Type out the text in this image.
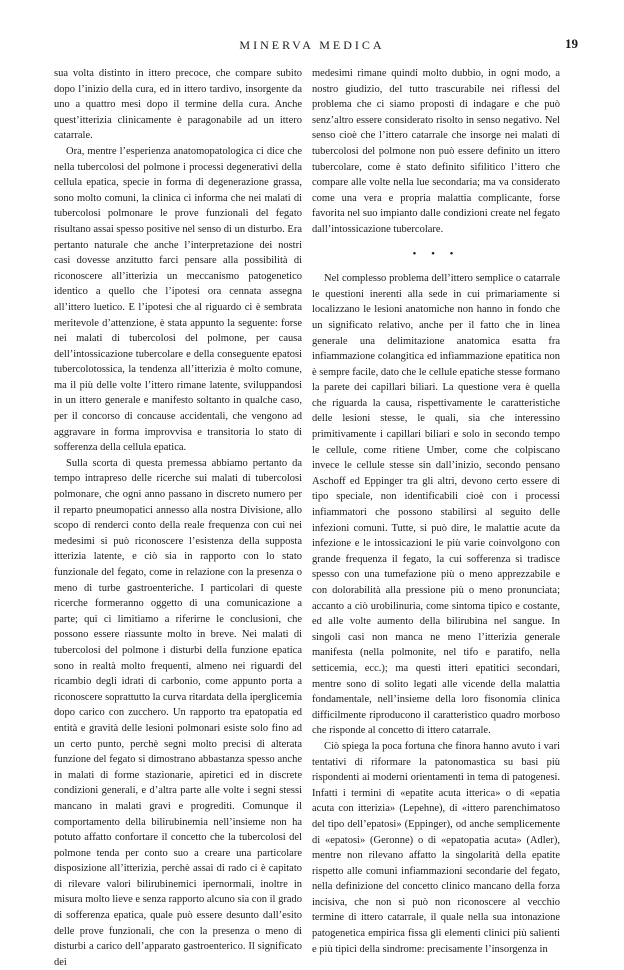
MINERVA MEDICA	19

sua volta distinto in ittero precoce, che compare subito dopo l’inizio della cura, ed in ittero tardivo, insorgente da uno a quattro mesi dopo il termine della cura. Anche quest’itterizia clinicamente è paragonabile ad un ittero catarrale.

Ora, mentre l’esperienza anatomopatologica ci dice che nella tubercolosi del polmone i processi degenerativi della cellula epatica, specie in forma di degenerazione grassa, sono molto comuni, la clinica ci informa che nei malati di tubercolosi polmonare le prove funzionali del fegato risultano assai spesso positive nel senso di un disturbo. Era pertanto naturale che anche l’interpretazione dei nostri casi dovesse anzitutto farci pensare alla possibilità di riconoscere all’itterizia un meccanismo patogenetico identico a quello che l’ipotesi ora cennata assegna all’ittero luetico. E l’ipotesi che al riguardo ci è sembrata meritevole d’attenzione, è stata appunto la seguente: forse nei malati di tubercolosi del polmone, per causa dell’intossicazione tubercolare e della conseguente epatosi tubercolotossica, la tendenza all’itterizia è molto comune, ma il più delle volte l’ittero rimane latente, sviluppandosi in un ittero generale e manifesto soltanto in qualche caso, per il concorso di concause accidentali, che vengono ad aggravare in forma improvvisa e transitoria lo stato di sofferenza della cellula epatica.

Sulla scorta di questa premessa abbiamo pertanto da tempo intrapreso delle ricerche sui malati di tubercolosi polmonare, che ogni anno passano in discreto numero per il reparto pneumopatici annesso alla nostra Divisione, allo scopo di renderci conto della reale frequenza con cui nei medesimi si può riconoscere l’esistenza della supposta itterizia latente, e ciò sia in rapporto con lo stato funzionale del fegato, come in relazione con la presenza o meno di turbe gastroenteriche. I particolari di queste ricerche formeranno oggetto di una comunicazione a parte; qui ci limitiamo a riferirne le conclusioni, che possono essere riassunte molto in breve. Nei malati di tubercolosi del polmone i disturbi della funzione epatica sono in realtà molto frequenti, almeno nei riguardi del ricambio degli idrati di carbonio, come appunto porta a riconoscere soprattutto la curva ritardata della iperglicemia dopo carico con zucchero. Un rapporto tra epatopatia ed entità e gravità delle lesioni polmonari esiste solo fino ad un certo punto, perchè segni molto precisi di alterata funzione del fegato si dimostrano abbastanza spesso anche in malati di forme stazionarie, apiretici ed in discrete condizioni generali, e d’altra parte alle volte i segni stessi mancano in malati gravi e progrediti. Comunque il comportamento della bilirubinemia nell’insieme non ha potuto affatto confortare il concetto che la tubercolosi del polmone tenda per conto suo a creare una particolare disposizione all’itterizia, perchè assai di rado ci è capitato di rilevare valori bilirubinemici ipernormali, inoltre in misura molto lieve e senza rapporto alcuno sia con il grado di sofferenza epatica, quale può essere desunto dall’esito delle prove funzionali, che con la presenza o meno di disturbi a carico dell’apparato gastroenterico. Il significato dei

medesimi rimane quindi molto dubbio, in ogni modo, a nostro giudizio, del tutto trascurabile nei riflessi del problema che ci siamo proposti di indagare e che può senz’altro essere considerato risolto in senso negativo. Nel senso cioè che l’ittero catarrale che insorge nei malati di tubercolosi del polmone non può essere definito un ittero tubercolare, come è stato definito sifilitico l’ittero che compare alle volte nella lue secondaria; ma va considerato come una vera e propria malattia complicante, forse favorita nel suo impianto dalle condizioni create nel fegato dall’intossicazione tubercolare.

• • •

Nel complesso problema dell’ittero semplice o catarrale le questioni inerenti alla sede in cui primariamente si localizzano le lesioni anatomiche non hanno in fondo che un significato relativo, anche per il fatto che in linea generale una delimitazione anatomica esatta fra infiammazione colangitica ed infiammazione epatitica non è sempre facile, dato che le cellule epatiche stesse formano la parete dei capillari biliari. La questione vera è quella che riguarda la causa, rispettivamente le caratteristiche delle lesioni stesse, le quali, sia che interessino primitivamente i capillari biliari e solo in secondo tempo le cellule, come ritiene Umber, come che colpiscano invece le cellule stesse sin dall’inizio, secondo pensano Aschoff ed Eppinger tra gli altri, devono certo essere di tipo speciale, non identificabili cioè con i processi infiammatori che possono stabilirsi al seguito delle infezioni comuni. Tutte, si può dire, le malattie acute da infezione e le intossicazioni le più varie coinvolgono con grande frequenza il fegato, la cui sofferenza si tradisce spesso con una tumefazione più o meno apprezzabile e con dolorabilità alla pressione più o meno pronunciata; accanto a ciò urobilinuria, come sintoma tipico e costante, ed alle volte aumento della bilirubina nel sangue. In singoli casi non manca ne meno l’itterizia generale manifesta (nella polmonite, nel tifo e paratifo, nella setticemia, ecc.); ma questi itteri epatitici secondari, mentre sono di solito legati alle vicende della malattia fondamentale, nell’insieme della loro fisonomia clinica difficilmente riproducono il caratteristico quadro morboso che risponde al concetto di ittero catarrale.

Ciò spiega la poca fortuna che finora hanno avuto i vari tentativi di riformare la patonomastica su basi più rispondenti ai moderni orientamenti in tema di patogenesi. Infatti i termini di «epatite acuta itterica» o di «epatia acuta con itterizia» (Lepehne), di «ittero parenchimatoso del tipo dell’epatosi» (Eppinger), od anche semplicemente di «epatosi» (Geronne) o di «epatopatia acuta» (Adler), mentre non rilevano affatto la singolarità della epatite rispetto alle comuni infiammazioni secondarie del fegato, nella definizione del concetto clinico mancano della forza incisiva, che non si può non riconoscere al vecchio termine di ittero catarrale, il quale nella sua intonazione patogenetica empirica fissa gli elementi clinici più salienti e più tipici della sindrome: precisamente l’insorgenza in
